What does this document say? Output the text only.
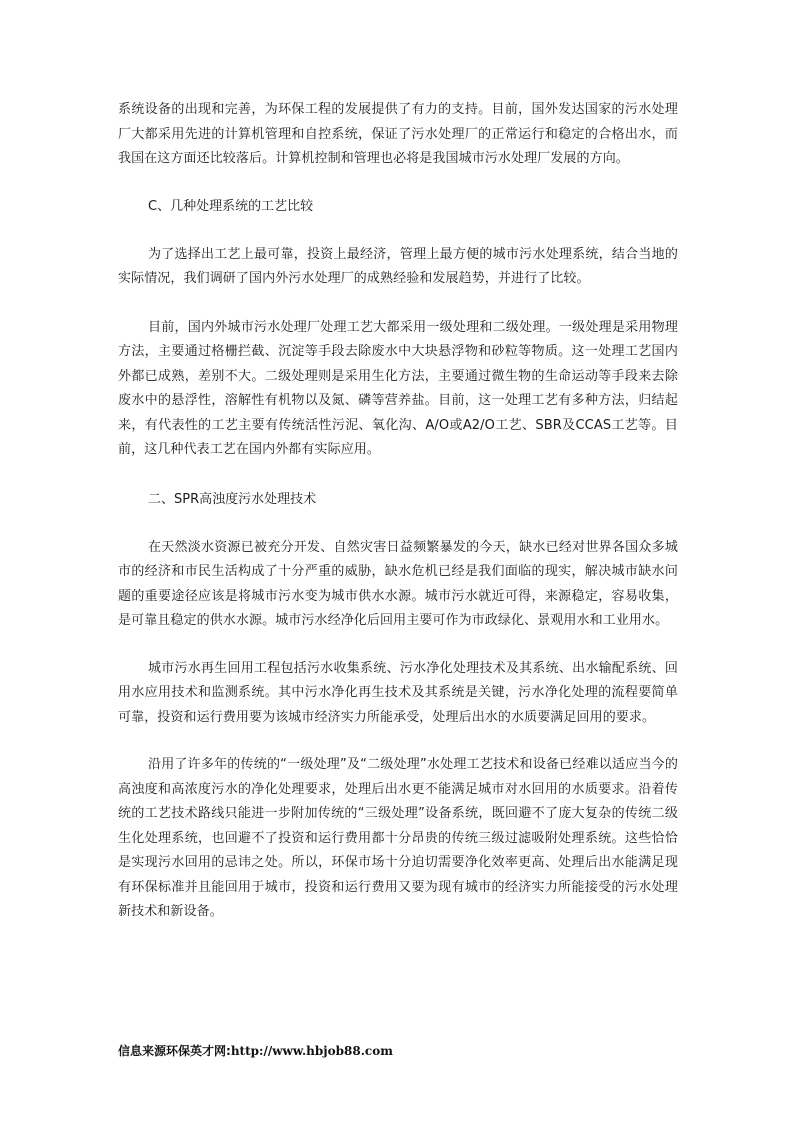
系统设备的出现和完善，为环保工程的发展提供了有力的支持。目前，国外发达国家的污水处理厂大都采用先进的计算机管理和自控系统，保证了污水处理厂的正常运行和稳定的合格出水，而我国在这方面还比较落后。计算机控制和管理也必将是我国城市污水处理厂发展的方向。

C、几种处理系统的工艺比较

为了选择出工艺上最可靠，投资上最经济，管理上最方便的城市污水处理系统，结合当地的实际情况，我们调研了国内外污水处理厂的成熟经验和发展趋势，并进行了比较。

目前，国内外城市污水处理厂处理工艺大都采用一级处理和二级处理。一级处理是采用物理方法，主要通过格栅拦截、沉淀等手段去除废水中大块悬浮物和砂粒等物质。这一处理工艺国内外都已成熟，差别不大。二级处理则是采用生化方法，主要通过微生物的生命运动等手段来去除废水中的悬浮性，溶解性有机物以及氮、磷等营养盐。目前，这一处理工艺有多种方法，归结起来，有代表性的工艺主要有传统活性污泥、氧化沟、A/O或A2/O工艺、SBR及CCAS工艺等。目前，这几种代表工艺在国内外都有实际应用。

二、SPR高浊度污水处理技术

在天然淡水资源已被充分开发、自然灾害日益频繁暴发的今天，缺水已经对世界各国众多城市的经济和市民生活构成了十分严重的威胁，缺水危机已经是我们面临的现实，解决城市缺水问题的重要途径应该是将城市污水变为城市供水水源。城市污水就近可得，来源稳定，容易收集，是可靠且稳定的供水水源。城市污水经净化后回用主要可作为市政绿化、景观用水和工业用水。

城市污水再生回用工程包括污水收集系统、污水净化处理技术及其系统、出水输配系统、回用水应用技术和监测系统。其中污水净化再生技术及其系统是关键，污水净化处理的流程要简单可靠，投资和运行费用要为该城市经济实力所能承受，处理后出水的水质要满足回用的要求。

沿用了许多年的传统的“一级处理”及“二级处理”水处理工艺技术和设备已经难以适应当今的高浊度和高浓度污水的净化处理要求，处理后出水更不能满足城市对水回用的水质要求。沿着传统的工艺技术路线只能进一步附加传统的“三级处理”设备系统，既回避不了庞大复杂的传统二级生化处理系统，也回避不了投资和运行费用都十分昂贵的传统三级过滤吸附处理系统。这些恰恰是实现污水回用的忌讳之处。所以，环保市场十分迫切需要净化效率更高、处理后出水能满足现有环保标准并且能回用于城市，投资和运行费用又要为现有城市的经济实力所能接受的污水处理新技术和新设备。

信息来源环保英才网:http://www.hbjob88.com
